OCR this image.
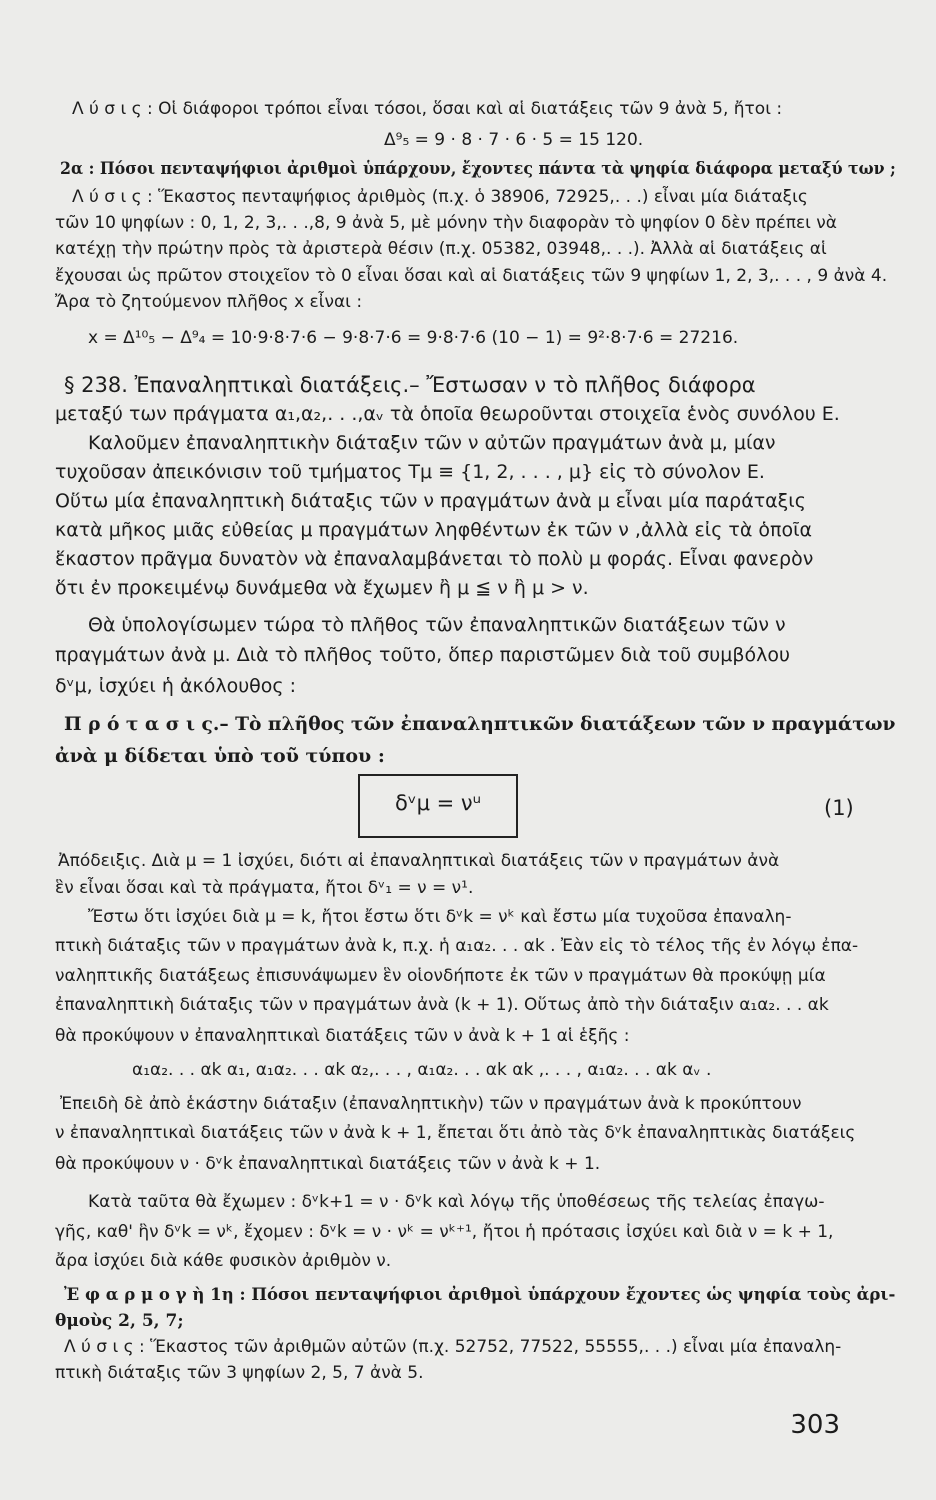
Λ ύ σ ι ς : Οἱ διάφοροι τρόποι εἶναι τόσοι, ὅσαι καὶ αἱ διατάξεις τῶν 9 ἀνὰ 5, ἤτοι :
Δ⁹₅ = 9 · 8 · 7 · 6 · 5 = 15 120.
2α : Πόσοι πενταψήφιοι ἀριθμοὶ ὑπάρχουν, ἔχοντες πάντα τὰ ψηφία διάφορα μεταξύ των ;
Λ ύ σ ι ς : Ἕκαστος πενταψήφιος ἀριθμὸς (π.χ. ὁ 38906, 72925,. . .) εἶναι μία διάταξις
τῶν 10 ψηφίων : 0, 1, 2, 3,. . .,8, 9 ἀνὰ 5, μὲ μόνην τὴν διαφορὰν τὸ ψηφίον 0 δὲν πρέπει νὰ
κατέχῃ τὴν πρώτην πρὸς τὰ ἀριστερὰ θέσιν (π.χ. 05382, 03948,. . .). Ἀλλὰ αἱ διατάξεις αἱ
ἔχουσαι ὡς πρῶτον στοιχεῖον τὸ 0 εἶναι ὅσαι καὶ αἱ διατάξεις τῶν 9 ψηφίων 1, 2, 3,. . . , 9 ἀνὰ 4.
Ἄρα τὸ ζητούμενον πλῆθος x εἶναι :
x = Δ¹⁰₅ − Δ⁹₄ = 10·9·8·7·6 − 9·8·7·6 = 9·8·7·6 (10 − 1) = 9²·8·7·6 = 27216.
§ 238. Ἐπαναληπτικαὶ διατάξεις.– Ἔστωσαν ν τὸ πλῆθος διάφορα
μεταξύ των πράγματα α₁,α₂,. . .,αᵥ τὰ ὁποῖα θεωροῦνται στοιχεῖα ἑνὸς συνόλου E.
Καλοῦμεν ἐπαναληπτικὴν διάταξιν τῶν ν αὐτῶν πραγμάτων ἀνὰ μ, μίαν
τυχοῦσαν ἀπεικόνισιν τοῦ τμήματος Tμ ≡ {1, 2, . . . , μ} εἰς τὸ σύνολον E.
Οὕτω μία ἐπαναληπτικὴ διάταξις τῶν ν πραγμάτων ἀνὰ μ εἶναι μία παράταξις
κατὰ μῆκος μιᾶς εὐθείας μ πραγμάτων ληφθέντων ἐκ τῶν ν ,ἀλλὰ εἰς τὰ ὁποῖα
ἕκαστον πρᾶγμα δυνατὸν νὰ ἐπαναλαμβάνεται τὸ πολὺ μ φοράς. Εἶναι φανερὸν
ὅτι ἐν προκειμένῳ δυνάμεθα νὰ ἔχωμεν ἢ μ ≦ ν ἢ μ > ν.
Θὰ ὑπολογίσωμεν τώρα τὸ πλῆθος τῶν ἐπαναληπτικῶν διατάξεων τῶν ν
πραγμάτων ἀνὰ μ. Διὰ τὸ πλῆθος τοῦτο, ὅπερ παριστῶμεν διὰ τοῦ συμβόλου
δᵛμ, ἰσχύει ἡ ἀκόλουθος :
Π ρ ό τ α σ ι ς.– Τὸ πλῆθος τῶν ἐπαναληπτικῶν διατάξεων τῶν ν πραγμάτων
ἀνὰ μ δίδεται ὑπὸ τοῦ τύπου :
δᵛμ = νᵘ	(1)
Ἀπόδειξις. Διὰ μ = 1 ἰσχύει, διότι αἱ ἐπαναληπτικαὶ διατάξεις τῶν ν πραγμάτων ἀνὰ
ἓν εἶναι ὅσαι καὶ τὰ πράγματα, ἤτοι δᵛ₁ = ν = ν¹.
Ἔστω ὅτι ἰσχύει διὰ μ = k, ἤτοι ἔστω ὅτι δᵛk = νᵏ καὶ ἔστω μία τυχοῦσα ἐπαναλη-
πτικὴ διάταξις τῶν ν πραγμάτων ἀνὰ k, π.χ. ἡ α₁α₂. . . αk . Ἐὰν εἰς τὸ τέλος τῆς ἐν λόγῳ ἐπα-
ναληπτικῆς διατάξεως ἐπισυνάψωμεν ἓν οἱονδήποτε ἐκ τῶν ν πραγμάτων θὰ προκύψῃ μία
ἐπαναληπτικὴ διάταξις τῶν ν πραγμάτων ἀνὰ (k + 1). Οὕτως ἀπὸ τὴν διάταξιν α₁α₂. . . αk
θὰ προκύψουν ν ἐπαναληπτικαὶ διατάξεις τῶν ν ἀνὰ k + 1 αἱ ἑξῆς :
α₁α₂. . . αk α₁, α₁α₂. . . αk α₂,. . . , α₁α₂. . . αk αk ,. . . , α₁α₂. . . αk αᵥ .
Ἐπειδὴ δὲ ἀπὸ ἑκάστην διάταξιν (ἐπαναληπτικὴν) τῶν ν πραγμάτων ἀνὰ k προκύπτουν
ν ἐπαναληπτικαὶ διατάξεις τῶν ν ἀνὰ k + 1, ἔπεται ὅτι ἀπὸ τὰς δᵛk ἐπαναληπτικὰς διατάξεις
θὰ προκύψουν ν · δᵛk ἐπαναληπτικαὶ διατάξεις τῶν ν ἀνὰ k + 1.
Κατὰ ταῦτα θὰ ἔχωμεν : δᵛk+1 = ν · δᵛk καὶ λόγῳ τῆς ὑποθέσεως τῆς τελείας ἐπαγω-
γῆς, καθ' ἣν δᵛk = νᵏ, ἔχομεν : δᵛk = ν · νᵏ = νᵏ⁺¹, ἤτοι ἡ πρότασις ἰσχύει καὶ διὰ ν = k + 1,
ἄρα ἰσχύει διὰ κάθε φυσικὸν ἀριθμὸν ν.
Ἐ φ α ρ μ ο γ ὴ 1η : Πόσοι πενταψήφιοι ἀριθμοὶ ὑπάρχουν ἔχοντες ὡς ψηφία τοὺς ἀρι-
θμοὺς 2, 5, 7;
Λ ύ σ ι ς : Ἕκαστος τῶν ἀριθμῶν αὐτῶν (π.χ. 52752, 77522, 55555,. . .) εἶναι μία ἐπαναλη-
πτικὴ διάταξις τῶν 3 ψηφίων 2, 5, 7 ἀνὰ 5.
303
